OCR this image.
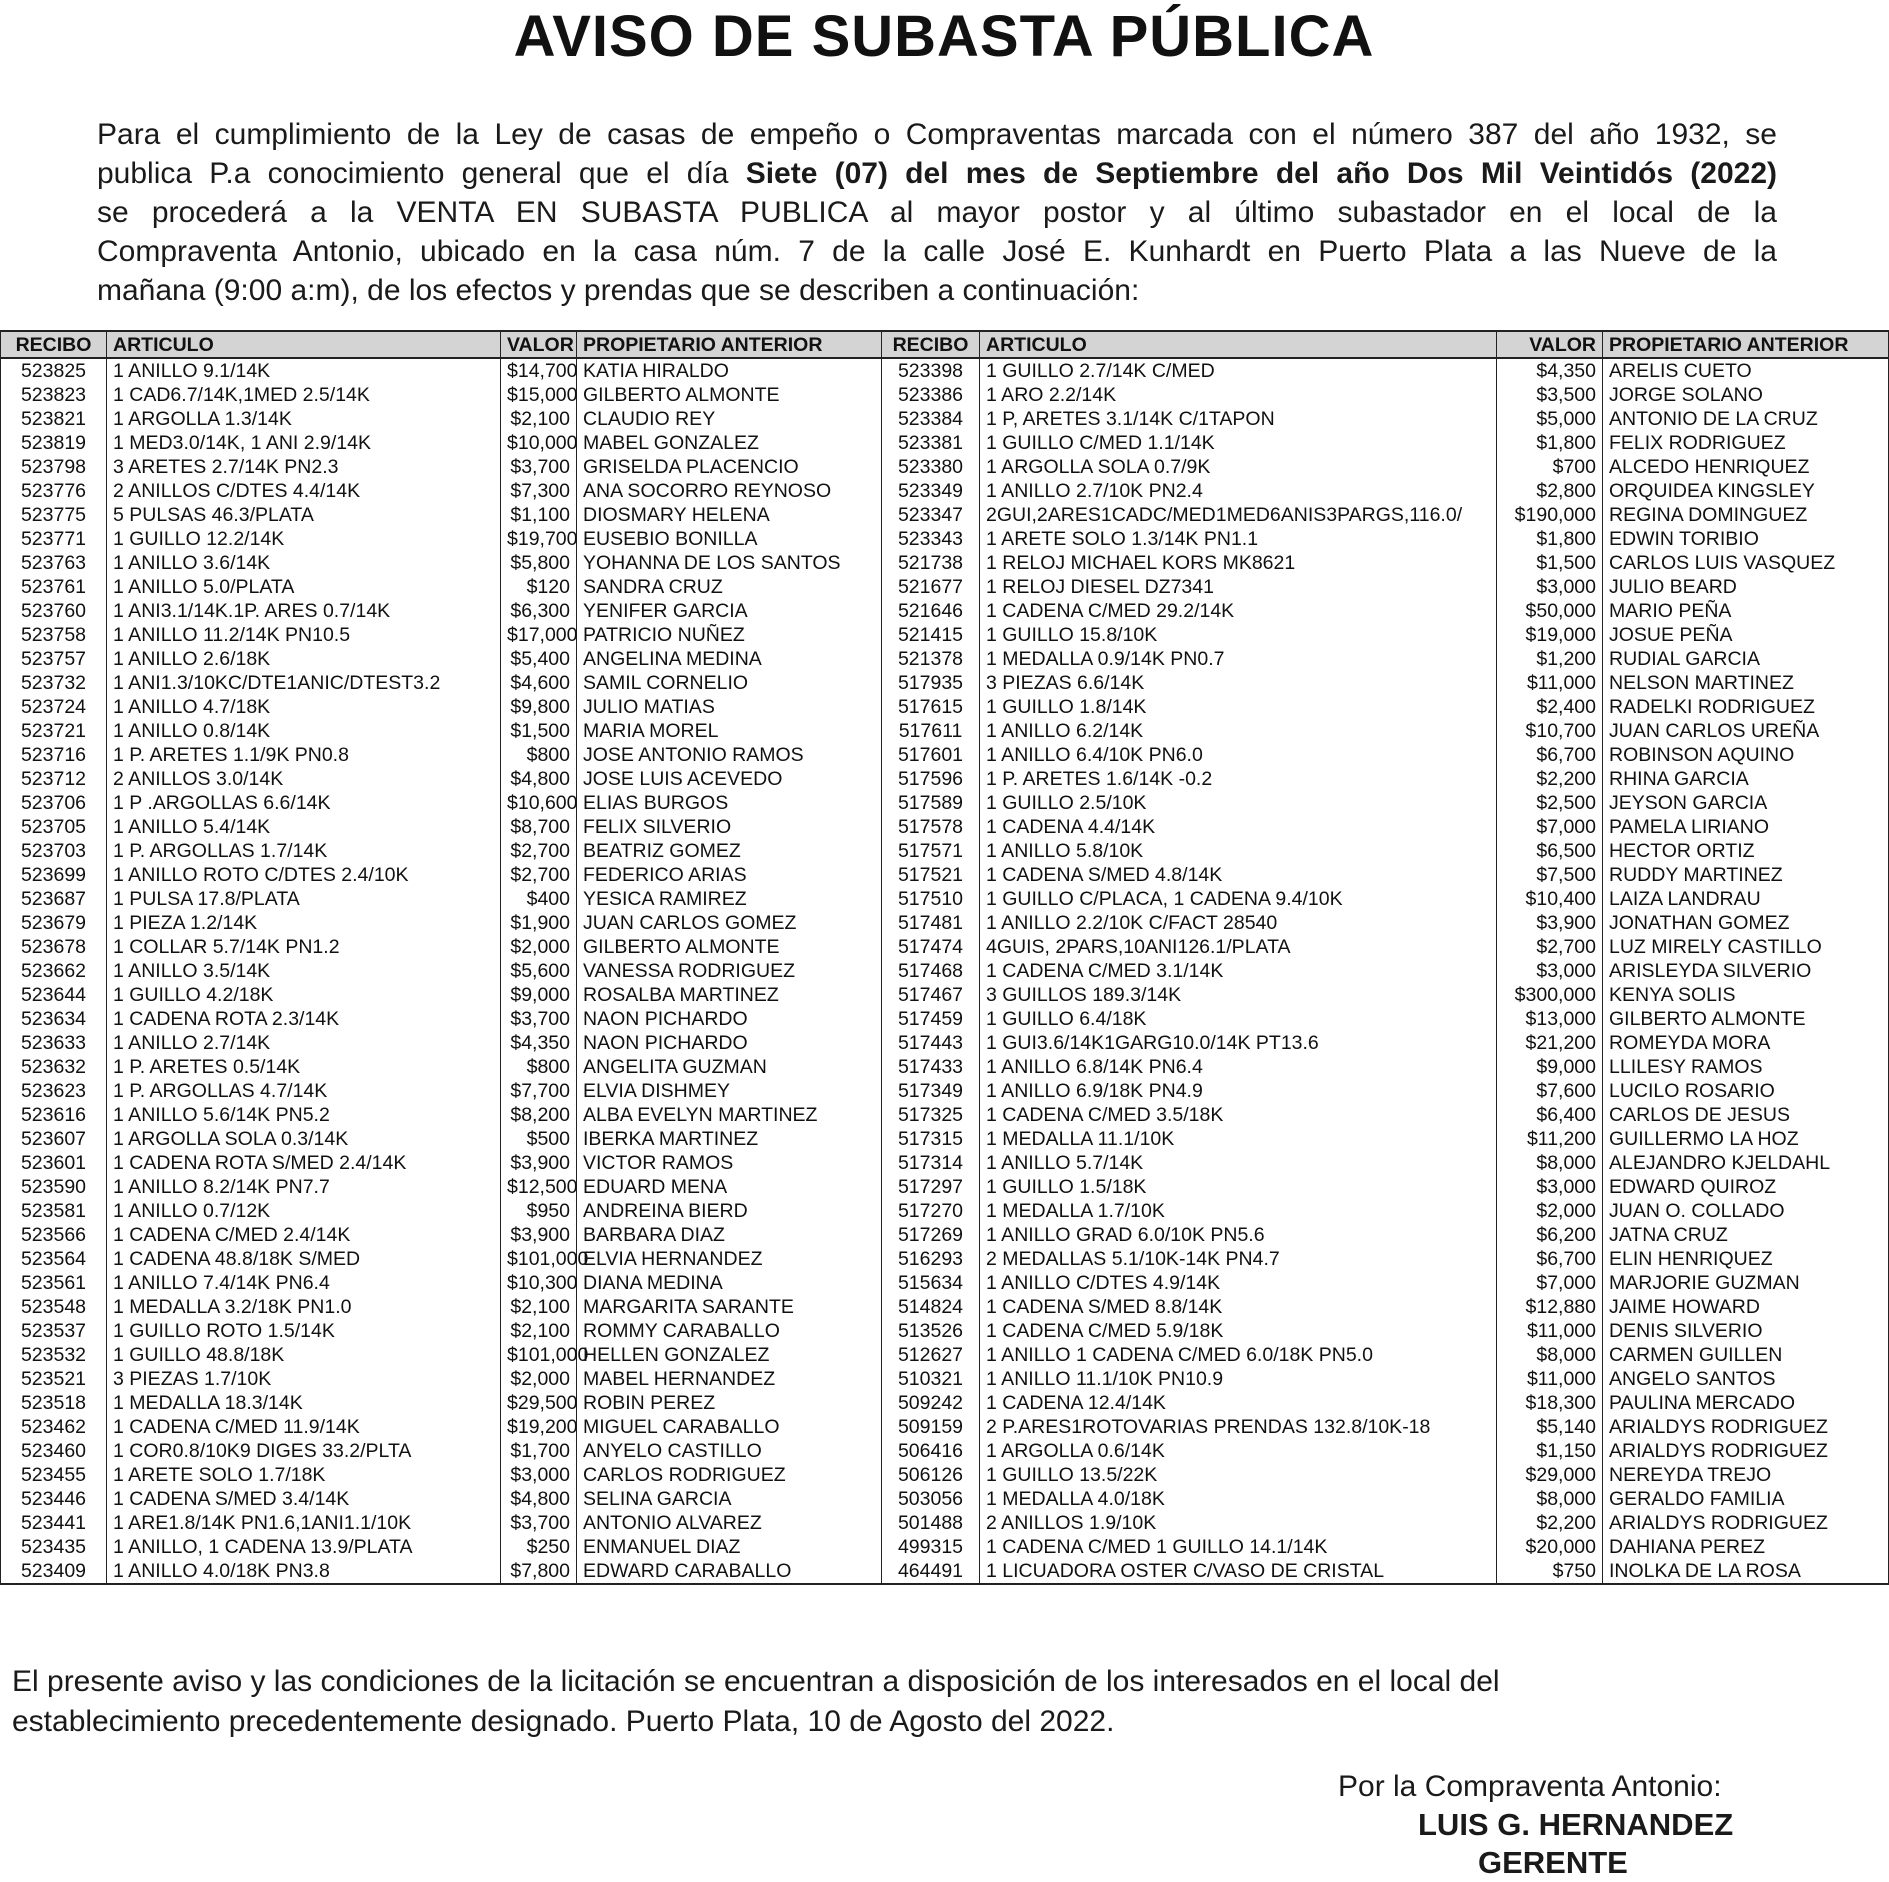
AVISO DE SUBASTA PÚBLICA
Para el cumplimiento de la Ley de casas de empeño o Compraventas marcada con el número 387 del año 1932, se
publica P.a conocimiento general que el día Siete (07) del mes de Septiembre del año Dos Mil Veintidós (2022)
se procederá a la VENTA EN SUBASTA PUBLICA al mayor postor y al último subastador en el local de la
Compraventa Antonio, ubicado en la casa núm. 7 de la calle José E. Kunhardt en Puerto Plata a las Nueve de la
mañana (9:00 a:m), de los efectos y prendas que se describen a continuación:
RECIBO	ARTICULO	VALOR	PROPIETARIO ANTERIOR	RECIBO	ARTICULO	VALOR	PROPIETARIO ANTERIOR
523825	1 ANILLO 9.1/14K	$14,700	KATIA HIRALDO	523398	1 GUILLO 2.7/14K C/MED	$4,350	ARELIS CUETO
523823	1 CAD6.7/14K,1MED 2.5/14K	$15,000	GILBERTO ALMONTE	523386	1 ARO 2.2/14K	$3,500	JORGE SOLANO
523821	1 ARGOLLA 1.3/14K	$2,100	CLAUDIO REY	523384	1 P, ARETES 3.1/14K C/1TAPON	$5,000	ANTONIO DE LA CRUZ
523819	1 MED3.0/14K, 1 ANI 2.9/14K	$10,000	MABEL GONZALEZ	523381	1 GUILLO C/MED 1.1/14K	$1,800	FELIX RODRIGUEZ
523798	3 ARETES 2.7/14K PN2.3	$3,700	GRISELDA PLACENCIO	523380	1 ARGOLLA SOLA 0.7/9K	$700	ALCEDO HENRIQUEZ
523776	2 ANILLOS C/DTES 4.4/14K	$7,300	ANA SOCORRO REYNOSO	523349	1 ANILLO 2.7/10K PN2.4	$2,800	ORQUIDEA KINGSLEY
523775	5 PULSAS 46.3/PLATA	$1,100	DIOSMARY HELENA	523347	2GUI,2ARES1CADC/MED1MED6ANIS3PARGS,116.0/	$190,000	REGINA DOMINGUEZ
523771	1 GUILLO 12.2/14K	$19,700	EUSEBIO BONILLA	523343	1 ARETE SOLO 1.3/14K PN1.1	$1,800	EDWIN TORIBIO
523763	1 ANILLO 3.6/14K	$5,800	YOHANNA DE LOS SANTOS	521738	1 RELOJ MICHAEL KORS MK8621	$1,500	CARLOS LUIS VASQUEZ
523761	1 ANILLO 5.0/PLATA	$120	SANDRA CRUZ	521677	1 RELOJ DIESEL DZ7341	$3,000	JULIO BEARD
523760	1 ANI3.1/14K.1P. ARES 0.7/14K	$6,300	YENIFER GARCIA	521646	1 CADENA C/MED 29.2/14K	$50,000	MARIO PEÑA
523758	1 ANILLO 11.2/14K PN10.5	$17,000	PATRICIO NUÑEZ	521415	1 GUILLO 15.8/10K	$19,000	JOSUE PEÑA
523757	1 ANILLO 2.6/18K	$5,400	ANGELINA MEDINA	521378	1 MEDALLA 0.9/14K PN0.7	$1,200	RUDIAL GARCIA
523732	1 ANI1.3/10KC/DTE1ANIC/DTEST3.2	$4,600	SAMIL CORNELIO	517935	3 PIEZAS 6.6/14K	$11,000	NELSON MARTINEZ
523724	1 ANILLO 4.7/18K	$9,800	JULIO MATIAS	517615	1 GUILLO 1.8/14K	$2,400	RADELKI RODRIGUEZ
523721	1 ANILLO 0.8/14K	$1,500	MARIA MOREL	517611	1 ANILLO 6.2/14K	$10,700	JUAN CARLOS UREÑA
523716	1 P. ARETES 1.1/9K PN0.8	$800	JOSE ANTONIO RAMOS	517601	1 ANILLO 6.4/10K PN6.0	$6,700	ROBINSON AQUINO
523712	2 ANILLOS 3.0/14K	$4,800	JOSE LUIS ACEVEDO	517596	1 P. ARETES 1.6/14K -0.2	$2,200	RHINA GARCIA
523706	1 P .ARGOLLAS 6.6/14K	$10,600	ELIAS BURGOS	517589	1 GUILLO 2.5/10K	$2,500	JEYSON GARCIA
523705	1 ANILLO 5.4/14K	$8,700	FELIX SILVERIO	517578	1 CADENA 4.4/14K	$7,000	PAMELA LIRIANO
523703	1 P. ARGOLLAS 1.7/14K	$2,700	BEATRIZ GOMEZ	517571	1 ANILLO 5.8/10K	$6,500	HECTOR ORTIZ
523699	1 ANILLO ROTO C/DTES 2.4/10K	$2,700	FEDERICO ARIAS	517521	1 CADENA S/MED 4.8/14K	$7,500	RUDDY MARTINEZ
523687	1 PULSA 17.8/PLATA	$400	YESICA RAMIREZ	517510	1 GUILLO C/PLACA, 1 CADENA 9.4/10K	$10,400	LAIZA LANDRAU
523679	1 PIEZA 1.2/14K	$1,900	JUAN CARLOS GOMEZ	517481	1 ANILLO 2.2/10K C/FACT 28540	$3,900	JONATHAN GOMEZ
523678	1 COLLAR 5.7/14K PN1.2	$2,000	GILBERTO ALMONTE	517474	4GUIS, 2PARS,10ANI126.1/PLATA	$2,700	LUZ MIRELY CASTILLO
523662	1 ANILLO 3.5/14K	$5,600	VANESSA RODRIGUEZ	517468	1 CADENA C/MED 3.1/14K	$3,000	ARISLEYDA SILVERIO
523644	1 GUILLO 4.2/18K	$9,000	ROSALBA MARTINEZ	517467	3 GUILLOS 189.3/14K	$300,000	KENYA SOLIS
523634	1 CADENA ROTA 2.3/14K	$3,700	NAON PICHARDO	517459	1 GUILLO 6.4/18K	$13,000	GILBERTO ALMONTE
523633	1 ANILLO 2.7/14K	$4,350	NAON PICHARDO	517443	1 GUI3.6/14K1GARG10.0/14K PT13.6	$21,200	ROMEYDA MORA
523632	1 P. ARETES 0.5/14K	$800	ANGELITA GUZMAN	517433	1 ANILLO 6.8/14K PN6.4	$9,000	LLILESY RAMOS
523623	1 P. ARGOLLAS 4.7/14K	$7,700	ELVIA DISHMEY	517349	1 ANILLO 6.9/18K PN4.9	$7,600	LUCILO ROSARIO
523616	1 ANILLO 5.6/14K PN5.2	$8,200	ALBA EVELYN MARTINEZ	517325	1 CADENA C/MED 3.5/18K	$6,400	CARLOS DE JESUS
523607	1 ARGOLLA SOLA 0.3/14K	$500	IBERKA MARTINEZ	517315	1 MEDALLA 11.1/10K	$11,200	GUILLERMO LA HOZ
523601	1 CADENA ROTA S/MED 2.4/14K	$3,900	VICTOR RAMOS	517314	1 ANILLO 5.7/14K	$8,000	ALEJANDRO KJELDAHL
523590	1 ANILLO 8.2/14K PN7.7	$12,500	EDUARD MENA	517297	1 GUILLO 1.5/18K	$3,000	EDWARD QUIROZ
523581	1 ANILLO 0.7/12K	$950	ANDREINA BIERD	517270	1 MEDALLA 1.7/10K	$2,000	JUAN O. COLLADO
523566	1 CADENA C/MED 2.4/14K	$3,900	BARBARA DIAZ	517269	1 ANILLO GRAD 6.0/10K PN5.6	$6,200	JATNA CRUZ
523564	1 CADENA 48.8/18K S/MED	$101,000	ELVIA HERNANDEZ	516293	2 MEDALLAS 5.1/10K-14K PN4.7	$6,700	ELIN HENRIQUEZ
523561	1 ANILLO 7.4/14K PN6.4	$10,300	DIANA MEDINA	515634	1 ANILLO C/DTES 4.9/14K	$7,000	MARJORIE GUZMAN
523548	1 MEDALLA 3.2/18K PN1.0	$2,100	MARGARITA SARANTE	514824	1 CADENA S/MED 8.8/14K	$12,880	JAIME HOWARD
523537	1 GUILLO ROTO 1.5/14K	$2,100	ROMMY CARABALLO	513526	1 CADENA C/MED 5.9/18K	$11,000	DENIS SILVERIO
523532	1 GUILLO 48.8/18K	$101,000	HELLEN GONZALEZ	512627	1 ANILLO 1 CADENA C/MED 6.0/18K PN5.0	$8,000	CARMEN GUILLEN
523521	3 PIEZAS 1.7/10K	$2,000	MABEL HERNANDEZ	510321	1 ANILLO 11.1/10K PN10.9	$11,000	ANGELO SANTOS
523518	1 MEDALLA 18.3/14K	$29,500	ROBIN PEREZ	509242	1 CADENA 12.4/14K	$18,300	PAULINA MERCADO
523462	1 CADENA C/MED 11.9/14K	$19,200	MIGUEL CARABALLO	509159	2 P.ARES1ROTOVARIAS PRENDAS 132.8/10K-18	$5,140	ARIALDYS RODRIGUEZ
523460	1 COR0.8/10K9 DIGES 33.2/PLTA	$1,700	ANYELO CASTILLO	506416	1 ARGOLLA 0.6/14K	$1,150	ARIALDYS RODRIGUEZ
523455	1 ARETE SOLO 1.7/18K	$3,000	CARLOS RODRIGUEZ	506126	1 GUILLO 13.5/22K	$29,000	NEREYDA TREJO
523446	1 CADENA S/MED 3.4/14K	$4,800	SELINA GARCIA	503056	1 MEDALLA 4.0/18K	$8,000	GERALDO FAMILIA
523441	1 ARE1.8/14K PN1.6,1ANI1.1/10K	$3,700	ANTONIO ALVAREZ	501488	2 ANILLOS 1.9/10K	$2,200	ARIALDYS RODRIGUEZ
523435	1 ANILLO, 1 CADENA 13.9/PLATA	$250	ENMANUEL DIAZ	499315	1 CADENA C/MED 1 GUILLO 14.1/14K	$20,000	DAHIANA PEREZ
523409	1 ANILLO 4.0/18K PN3.8	$7,800	EDWARD CARABALLO	464491	1 LICUADORA OSTER C/VASO DE CRISTAL	$750	INOLKA DE LA ROSA
El presente aviso y las condiciones de la licitación se encuentran a disposición de los interesados en el local del
establecimiento precedentemente designado. Puerto Plata, 10 de Agosto del 2022.
Por la Compraventa Antonio:
LUIS G. HERNANDEZ
GERENTE
